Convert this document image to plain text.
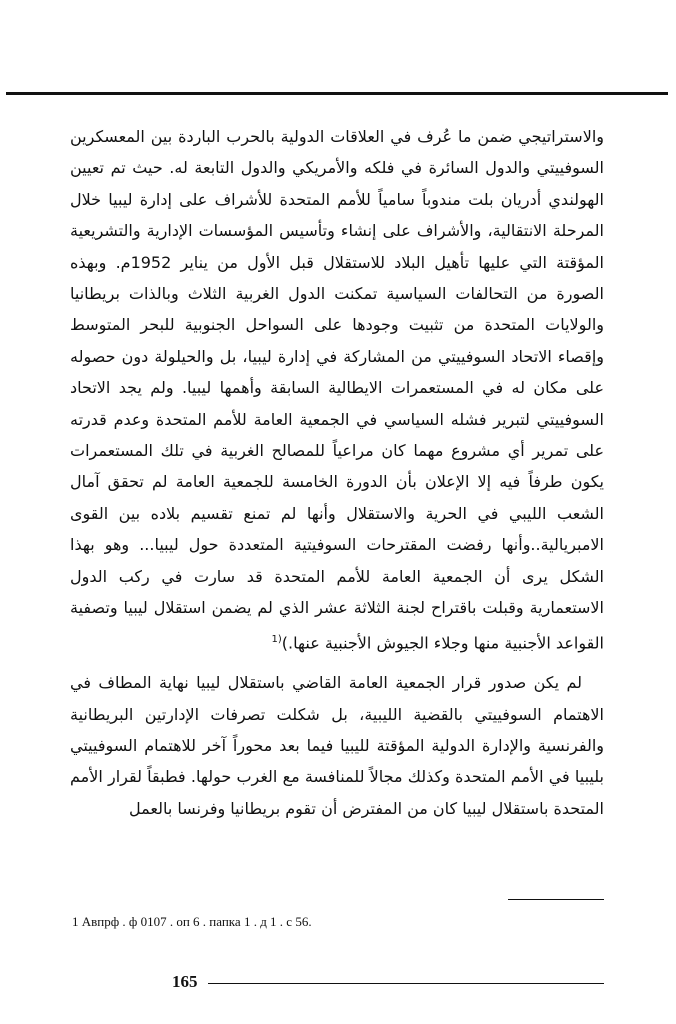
والاستراتيجي ضمن ما عُرف في العلاقات الدولية بالحرب الباردة بين المعسكرين السوفييتي والدول السائرة في فلكه والأمريكي والدول التابعة له. حيث تم تعيين الهولندي أدريان بلت مندوباً سامياً للأمم المتحدة للأشراف على إدارة ليبيا خلال المرحلة الانتقالية، والأشراف على إنشاء وتأسيس المؤسسات الإدارية والتشريعية المؤقتة التي عليها تأهيل البلاد للاستقلال قبل الأول من يناير 1952م. وبهذه الصورة من التحالفات السياسية تمكنت الدول الغربية الثلاث وبالذات بريطانيا والولايات المتحدة من تثبيت وجودها على السواحل الجنوبية للبحر المتوسط وإقصاء الاتحاد السوفييتي من المشاركة في إدارة ليبيا، بل والحيلولة دون حصوله على مكان له في المستعمرات الايطالية السابقة وأهمها ليبيا. ولم يجد الاتحاد السوفييتي لتبرير فشله السياسي في الجمعية العامة للأمم المتحدة وعدم قدرته على تمرير أي مشروع مهما كان مراعياً للمصالح الغربية في تلك المستعمرات يكون طرفاً فيه إلا الإعلان بأن الدورة الخامسة للجمعية العامة لم تحقق آمال الشعب الليبي في الحرية والاستقلال وأنها لم تمنع تقسيم بلاده بين القوى الامبريالية..وأنها رفضت المقترحات السوفيتية المتعددة حول ليبيا... وهو بهذا الشكل يرى أن الجمعية العامة للأمم المتحدة قد سارت في ركب الدول الاستعمارية وقبلت باقتراح لجنة الثلاثة عشر الذي لم يضمن استقلال ليبيا وتصفية القواعد الأجنبية منها وجلاء الجيوش الأجنبية عنها.)$^{(1}$

لم يكن صدور قرار الجمعية العامة القاضي باستقلال ليبيا نهاية المطاف في الاهتمام السوفييتي بالقضية الليبية، بل شكلت تصرفات الإدارتين البريطانية والفرنسية والإدارة الدولية المؤقتة لليبيا فيما بعد محوراً آخر للاهتمام السوفييتي بليبيا في الأمم المتحدة وكذلك مجالاً للمنافسة مع الغرب حولها. فطبقاً لقرار الأمم المتحدة باستقلال ليبيا كان من المفترض أن تقوم بريطانيا وفرنسا بالعمل

1 Авпрф . ф 0107 . оп 6 . папка 1 . д 1 . с 56.

165
